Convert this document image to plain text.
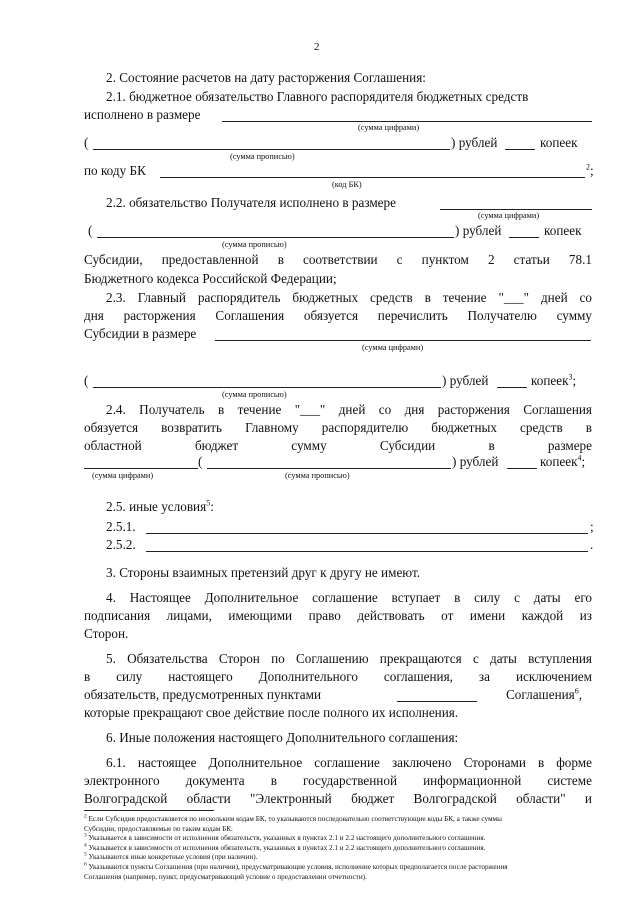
2
2. Состояние расчетов на дату расторжения Соглашения:
2.1. бюджетное обязательство Главного распорядителя бюджетных средств
исполнено в размере
(сумма цифрами)
(	) рублей	копеек
(сумма прописью)
по коду БК	$^2$;
(код БК)
2.2. обязательство Получателя исполнено в размере
(сумма цифрами)
(	) рублей	копеек
(сумма прописью)
Субсидии, предоставленной в соответствии с пунктом 2 статьи 78.1
Бюджетного кодекса Российской Федерации;
2.3. Главный распорядитель бюджетных средств в течение "___" дней со
дня расторжения Соглашения обязуется перечислить Получателю сумму
Субсидии в размере
(сумма цифрами)
(	) рублей	копеек$^3$;
(сумма прописью)
2.4. Получатель в течение "___" дней со дня расторжения Соглашения
обязуется возвратить Главному распорядителю бюджетных средств в
областной бюджет сумму Субсидии в размере
(	) рублей	копеек$^4$;
(сумма цифрами)	(сумма прописью)
2.5. иные условия$^5$:
2.5.1.	;
2.5.2.	.
3. Стороны взаимных претензий друг к другу не имеют.
4. Настоящее Дополнительное соглашение вступает в силу с даты его
подписания лицами, имеющими право действовать от имени каждой из
Сторон.
5. Обязательства Сторон по Соглашению прекращаются с даты вступления
в силу настоящего Дополнительного соглашения, за исключением
обязательств, предусмотренных пунктами	Соглашения$^6$,
которые прекращают свое действие после полного их исполнения.
6. Иные положения настоящего Дополнительного соглашения:
6.1. настоящее Дополнительное соглашение заключено Сторонами в форме
электронного документа в государственной информационной системе
Волгоградской области "Электронный бюджет Волгоградской области" и
$^2$ Если Субсидия предоставляется по нескольким кодам БК, то указываются последовательно соответствующие коды БК, а также суммы
Субсидии, предоставляемые по таким кодам БК.
$^3$ Указывается в зависимости от исполнения обязательств, указанных в пунктах 2.1 и 2.2 настоящего дополнительного соглашения.
$^4$ Указывается в зависимости от исполнения обязательств, указанных в пунктах 2.1 и 2.2 настоящего дополнительного соглашения.
$^5$ Указываются иные конкретные условия (при наличии).
$^6$ Указываются пункты Соглашения (при наличии), предусматривающие условия, исполнение которых предполагается после расторжения
Соглашения (например, пункт, предусматривающий условие о предоставлении отчетности).
